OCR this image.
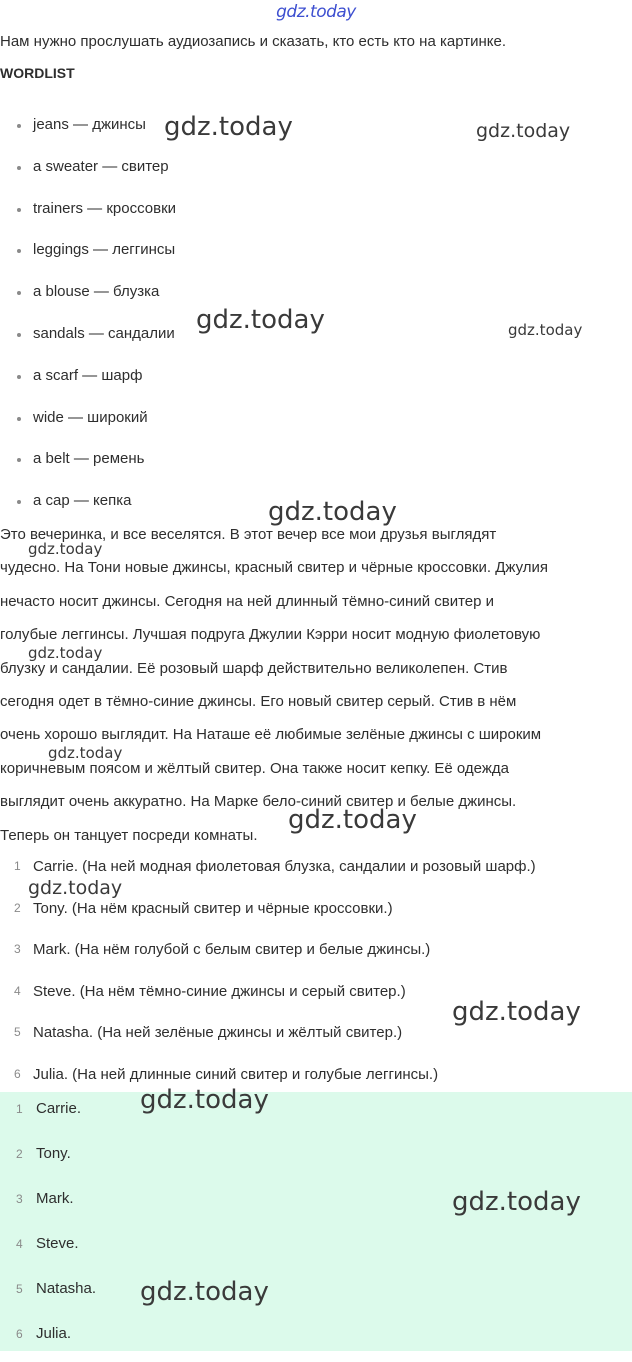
gdz.today
Нам нужно прослушать аудиозапись и сказать, кто есть кто на картинке.
WORDLIST
jeans — джинсы
a sweater — свитер
trainers — кроссовки
leggings — леггинсы
a blouse — блузка
sandals — сандалии
a scarf — шарф
wide — широкий
a belt — ремень
a cap — кепка
Это вечеринка, и все веселятся. В этот вечер все мои друзья выглядят
чудесно. На Тони новые джинсы, красный свитер и чёрные кроссовки. Джулия
нечасто носит джинсы. Сегодня на ней длинный тёмно-синий свитер и
голубые леггинсы. Лучшая подруга Джулии Кэрри носит модную фиолетовую
блузку и сандалии. Её розовый шарф действительно великолепен. Стив
сегодня одет в тёмно-синие джинсы. Его новый свитер серый. Стив в нём
очень хорошо выглядит. На Наташе её любимые зелёные джинсы с широким
коричневым поясом и жёлтый свитер. Она также носит кепку. Её одежда
выглядит очень аккуратно. На Марке бело-синий свитер и белые джинсы.
Теперь он танцует посреди комнаты.
1 Carrie. (На ней модная фиолетовая блузка, сандалии и розовый шарф.)
2 Tony. (На нём красный свитер и чёрные кроссовки.)
3 Mark. (На нём голубой с белым свитер и белые джинсы.)
4 Steve. (На нём тёмно-синие джинсы и серый свитер.)
5 Natasha. (На ней зелёные джинсы и жёлтый свитер.)
6 Julia. (На ней длинные синий свитер и голубые леггинсы.)
1 Carrie.
2 Tony.
3 Mark.
4 Steve.
5 Natasha.
6 Julia.
gdz.today	gdz.today
gdz.today	gdz.today
gdz.today
gdz.today
gdz.today
gdz.today
gdz.today
gdz.today
gdz.today
gdz.today
gdz.today
gdz.today
